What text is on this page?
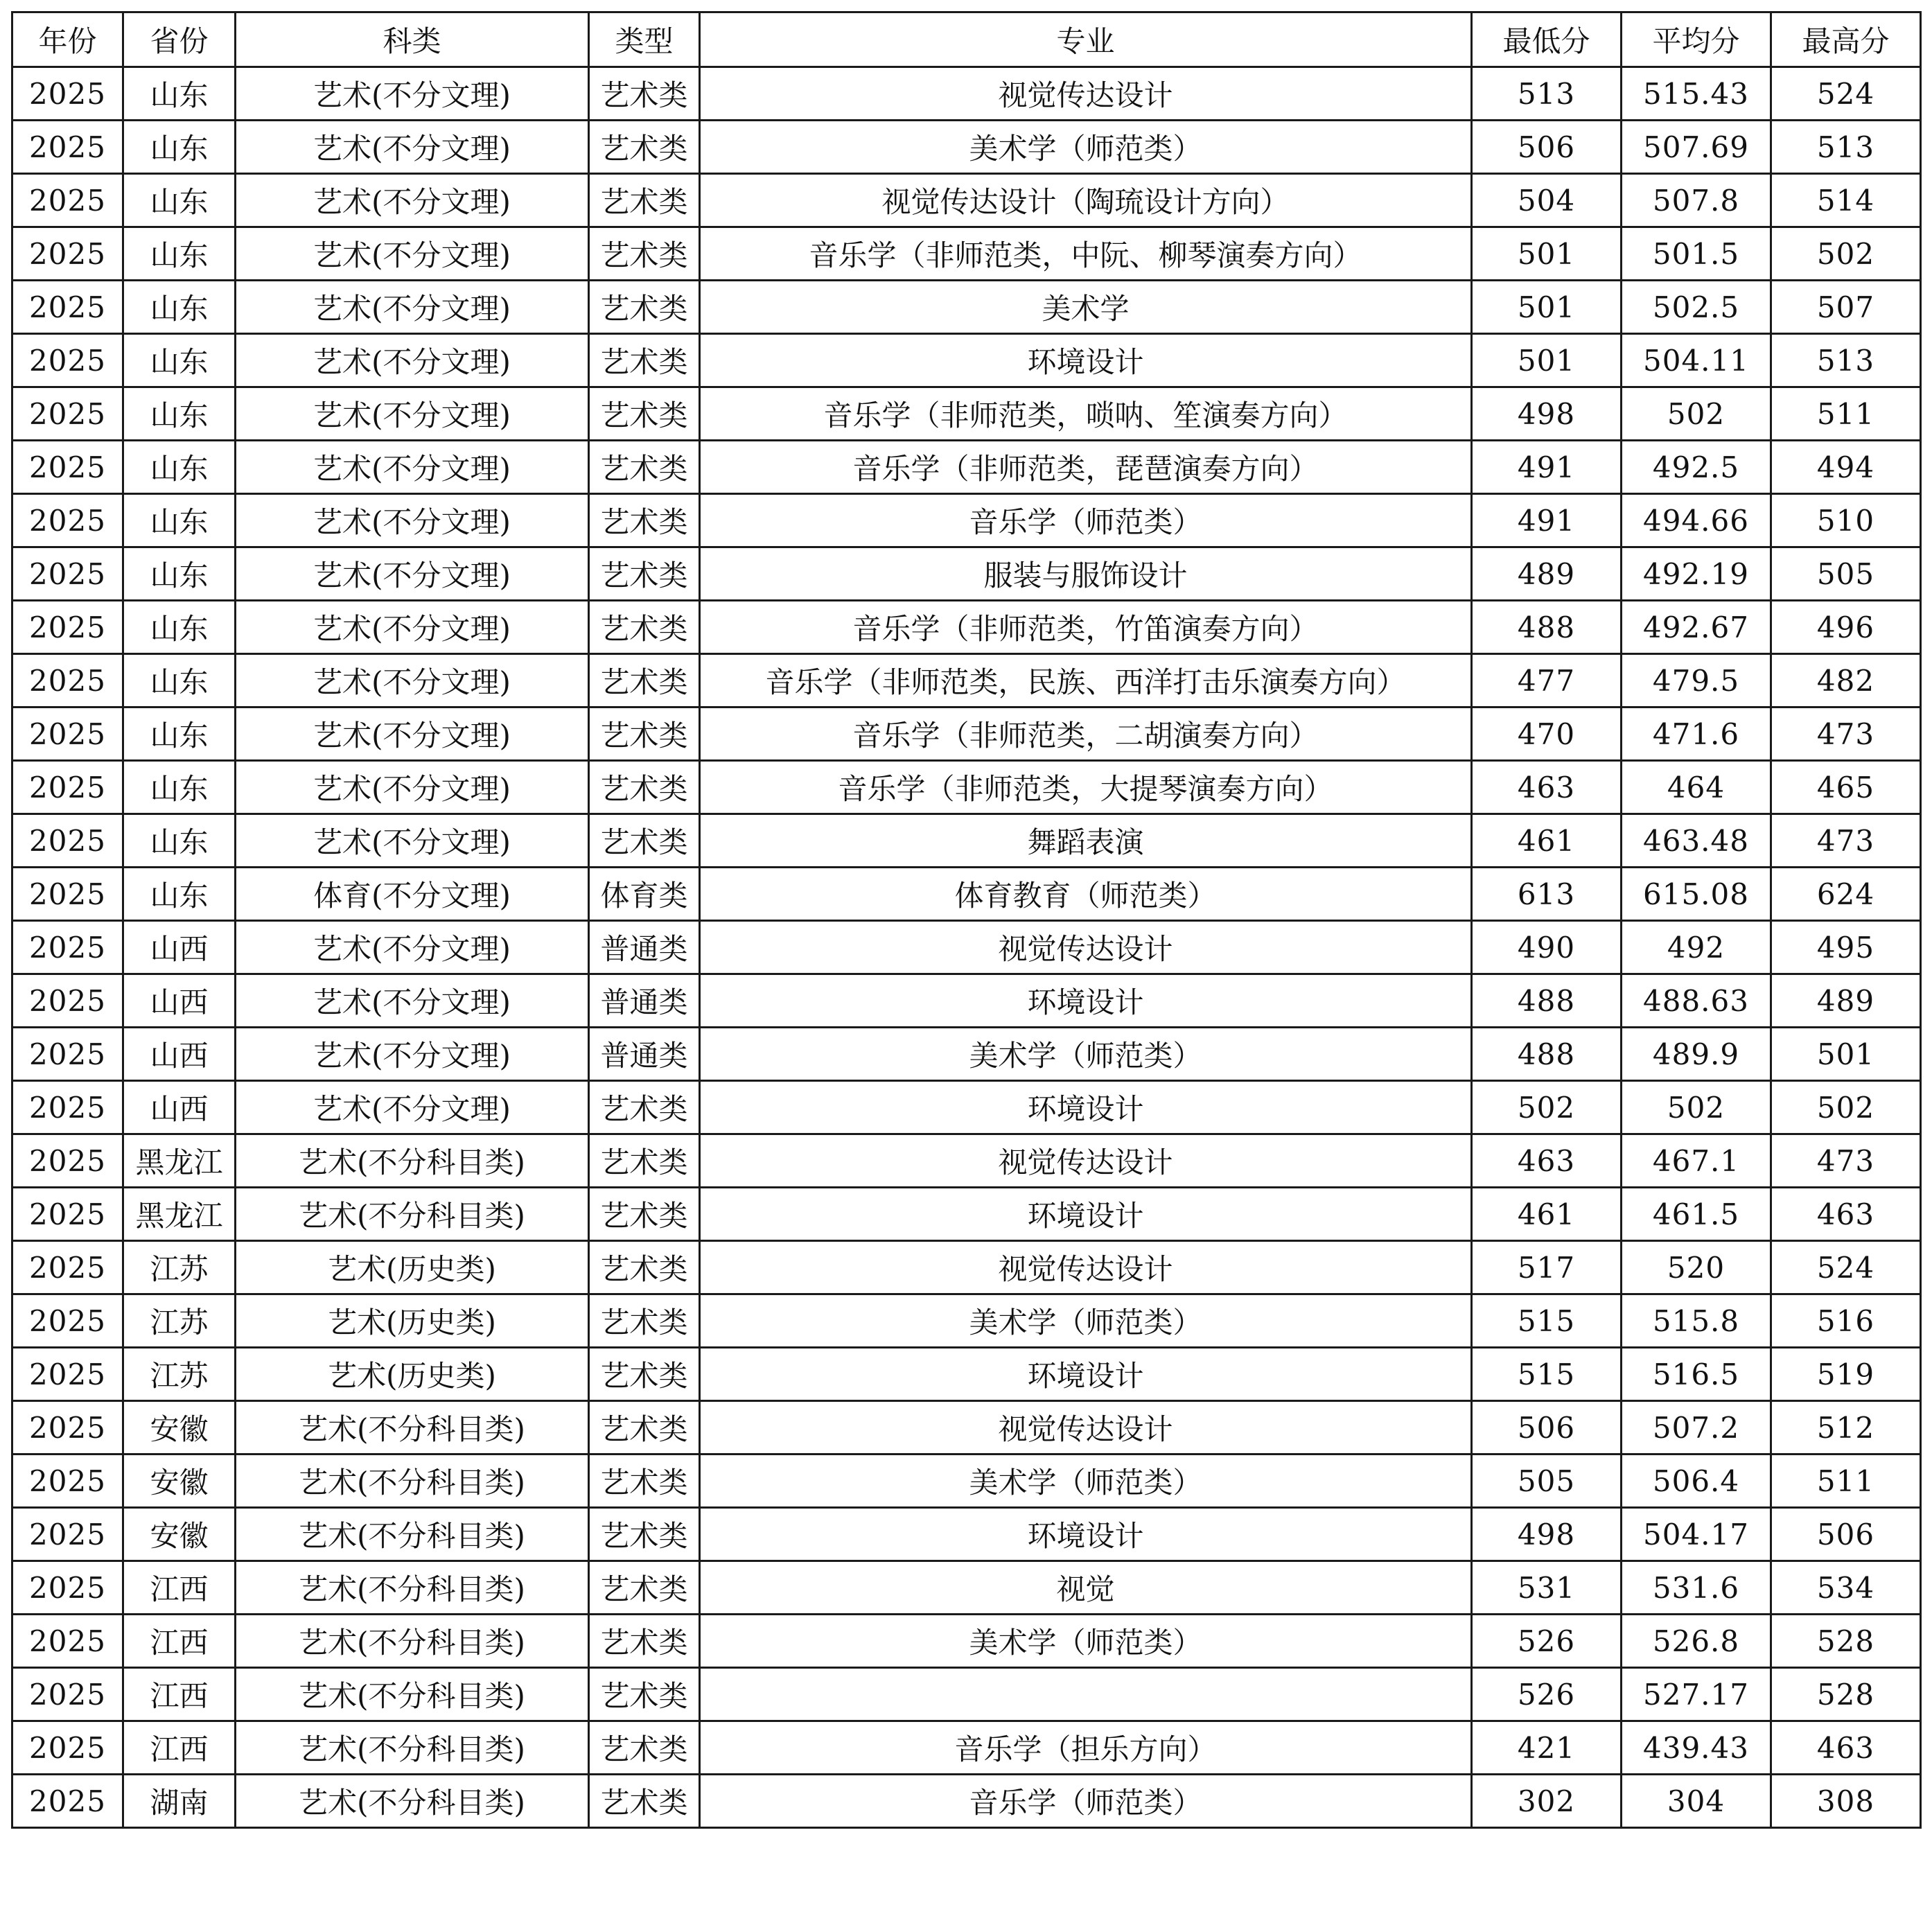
年份	省份	科类	类型	专业	最低分	平均分	最高分
2025	山东	艺术(不分文理)	艺术类	视觉传达设计	513	515.43	524
2025	山东	艺术(不分文理)	艺术类	美术学（师范类）	506	507.69	513
2025	山东	艺术(不分文理)	艺术类	视觉传达设计（陶琉设计方向）	504	507.8	514
2025	山东	艺术(不分文理)	艺术类	音乐学（非师范类，中阮、柳琴演奏方向）	501	501.5	502
2025	山东	艺术(不分文理)	艺术类	美术学	501	502.5	507
2025	山东	艺术(不分文理)	艺术类	环境设计	501	504.11	513
2025	山东	艺术(不分文理)	艺术类	音乐学（非师范类，唢呐、笙演奏方向）	498	502	511
2025	山东	艺术(不分文理)	艺术类	音乐学（非师范类，琵琶演奏方向）	491	492.5	494
2025	山东	艺术(不分文理)	艺术类	音乐学（师范类）	491	494.66	510
2025	山东	艺术(不分文理)	艺术类	服装与服饰设计	489	492.19	505
2025	山东	艺术(不分文理)	艺术类	音乐学（非师范类，竹笛演奏方向）	488	492.67	496
2025	山东	艺术(不分文理)	艺术类	音乐学（非师范类，民族、西洋打击乐演奏方向）	477	479.5	482
2025	山东	艺术(不分文理)	艺术类	音乐学（非师范类，二胡演奏方向）	470	471.6	473
2025	山东	艺术(不分文理)	艺术类	音乐学（非师范类，大提琴演奏方向）	463	464	465
2025	山东	艺术(不分文理)	艺术类	舞蹈表演	461	463.48	473
2025	山东	体育(不分文理)	体育类	体育教育（师范类）	613	615.08	624
2025	山西	艺术(不分文理)	普通类	视觉传达设计	490	492	495
2025	山西	艺术(不分文理)	普通类	环境设计	488	488.63	489
2025	山西	艺术(不分文理)	普通类	美术学（师范类）	488	489.9	501
2025	山西	艺术(不分文理)	艺术类	环境设计	502	502	502
2025	黑龙江	艺术(不分科目类)	艺术类	视觉传达设计	463	467.1	473
2025	黑龙江	艺术(不分科目类)	艺术类	环境设计	461	461.5	463
2025	江苏	艺术(历史类)	艺术类	视觉传达设计	517	520	524
2025	江苏	艺术(历史类)	艺术类	美术学（师范类）	515	515.8	516
2025	江苏	艺术(历史类)	艺术类	环境设计	515	516.5	519
2025	安徽	艺术(不分科目类)	艺术类	视觉传达设计	506	507.2	512
2025	安徽	艺术(不分科目类)	艺术类	美术学（师范类）	505	506.4	511
2025	安徽	艺术(不分科目类)	艺术类	环境设计	498	504.17	506
2025	江西	艺术(不分科目类)	艺术类	视觉	531	531.6	534
2025	江西	艺术(不分科目类)	艺术类	美术学（师范类）	526	526.8	528
2025	江西	艺术(不分科目类)	艺术类		526	527.17	528
2025	江西	艺术(不分科目类)	艺术类	音乐学（担乐方向）	421	439.43	463
2025	湖南	艺术(不分科目类)	艺术类	音乐学（师范类）	302	304	308
